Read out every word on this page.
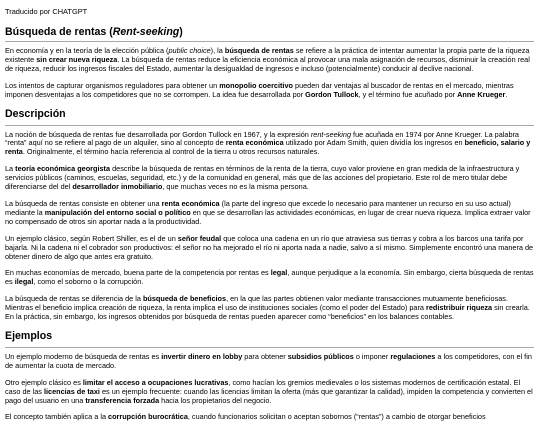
Traducido por CHATGPT
Búsqueda de rentas (Rent-seeking)

En economía y en la teoría de la elección pública (public choice), la búsqueda de rentas se refiere a la práctica de intentar aumentar la propia parte de la riqueza existente sin crear nueva riqueza. La búsqueda de rentas reduce la eficiencia económica al provocar una mala asignación de recursos, disminuir la creación real de riqueza, reducir los ingresos fiscales del Estado, aumentar la desigualdad de ingresos e incluso (potencialmente) conducir al declive nacional.

Los intentos de capturar organismos reguladores para obtener un monopolio coercitivo pueden dar ventajas al buscador de rentas en el mercado, mientras imponen desventajas a los competidores que no se corrompen. La idea fue desarrollada por Gordon Tullock, y el término fue acuñado por Anne Krueger.

Descripción

La noción de búsqueda de rentas fue desarrollada por Gordon Tullock en 1967, y la expresión rent-seeking fue acuñada en 1974 por Anne Krueger. La palabra “renta” aquí no se refiere al pago de un alquiler, sino al concepto de renta económica utilizado por Adam Smith, quien dividía los ingresos en beneficio, salario y renta. Originalmente, el término hacía referencia al control de la tierra u otros recursos naturales.

La teoría económica georgista describe la búsqueda de rentas en términos de la renta de la tierra, cuyo valor proviene en gran medida de la infraestructura y servicios públicos (caminos, escuelas, seguridad, etc.) y de la comunidad en general, más que de las acciones del propietario. Este rol de mero titular debe diferenciarse del del desarrollador inmobiliario, que muchas veces no es la misma persona.

La búsqueda de rentas consiste en obtener una renta económica (la parte del ingreso que excede lo necesario para mantener un recurso en su uso actual) mediante la manipulación del entorno social o político en que se desarrollan las actividades económicas, en lugar de crear nueva riqueza. Implica extraer valor no compensado de otros sin aportar nada a la productividad.

Un ejemplo clásico, según Robert Shiller, es el de un señor feudal que coloca una cadena en un río que atraviesa sus tierras y cobra a los barcos una tarifa por bajarla. Ni la cadena ni el cobrador son productivos: el señor no ha mejorado el río ni aporta nada a nadie, salvo a sí mismo. Simplemente encontró una manera de obtener dinero de algo que antes era gratuito.

En muchas economías de mercado, buena parte de la competencia por rentas es legal, aunque perjudique a la economía. Sin embargo, cierta búsqueda de rentas es ilegal, como el soborno o la corrupción.

La búsqueda de rentas se diferencia de la búsqueda de beneficios, en la que las partes obtienen valor mediante transacciones mutuamente beneficiosas. Mientras el beneficio implica creación de riqueza, la renta implica el uso de instituciones sociales (como el poder del Estado) para redistribuir riqueza sin crearla. En la práctica, sin embargo, los ingresos obtenidos por búsqueda de rentas pueden aparecer como “beneficios” en los balances contables.

Ejemplos

Un ejemplo moderno de búsqueda de rentas es invertir dinero en lobby para obtener subsidios públicos o imponer regulaciones a los competidores, con el fin de aumentar la cuota de mercado.

Otro ejemplo clásico es limitar el acceso a ocupaciones lucrativas, como hacían los gremios medievales o los sistemas modernos de certificación estatal. El caso de las licencias de taxi es un ejemplo frecuente: cuando las licencias limitan la oferta (más que garantizar la calidad), impiden la competencia y convierten el pago del usuario en una transferencia forzada hacia los propietarios del negocio.

El concepto también aplica a la corrupción burocrática, cuando funcionarios solicitan o aceptan sobornos (“rentas”) a cambio de otorgar beneficios
